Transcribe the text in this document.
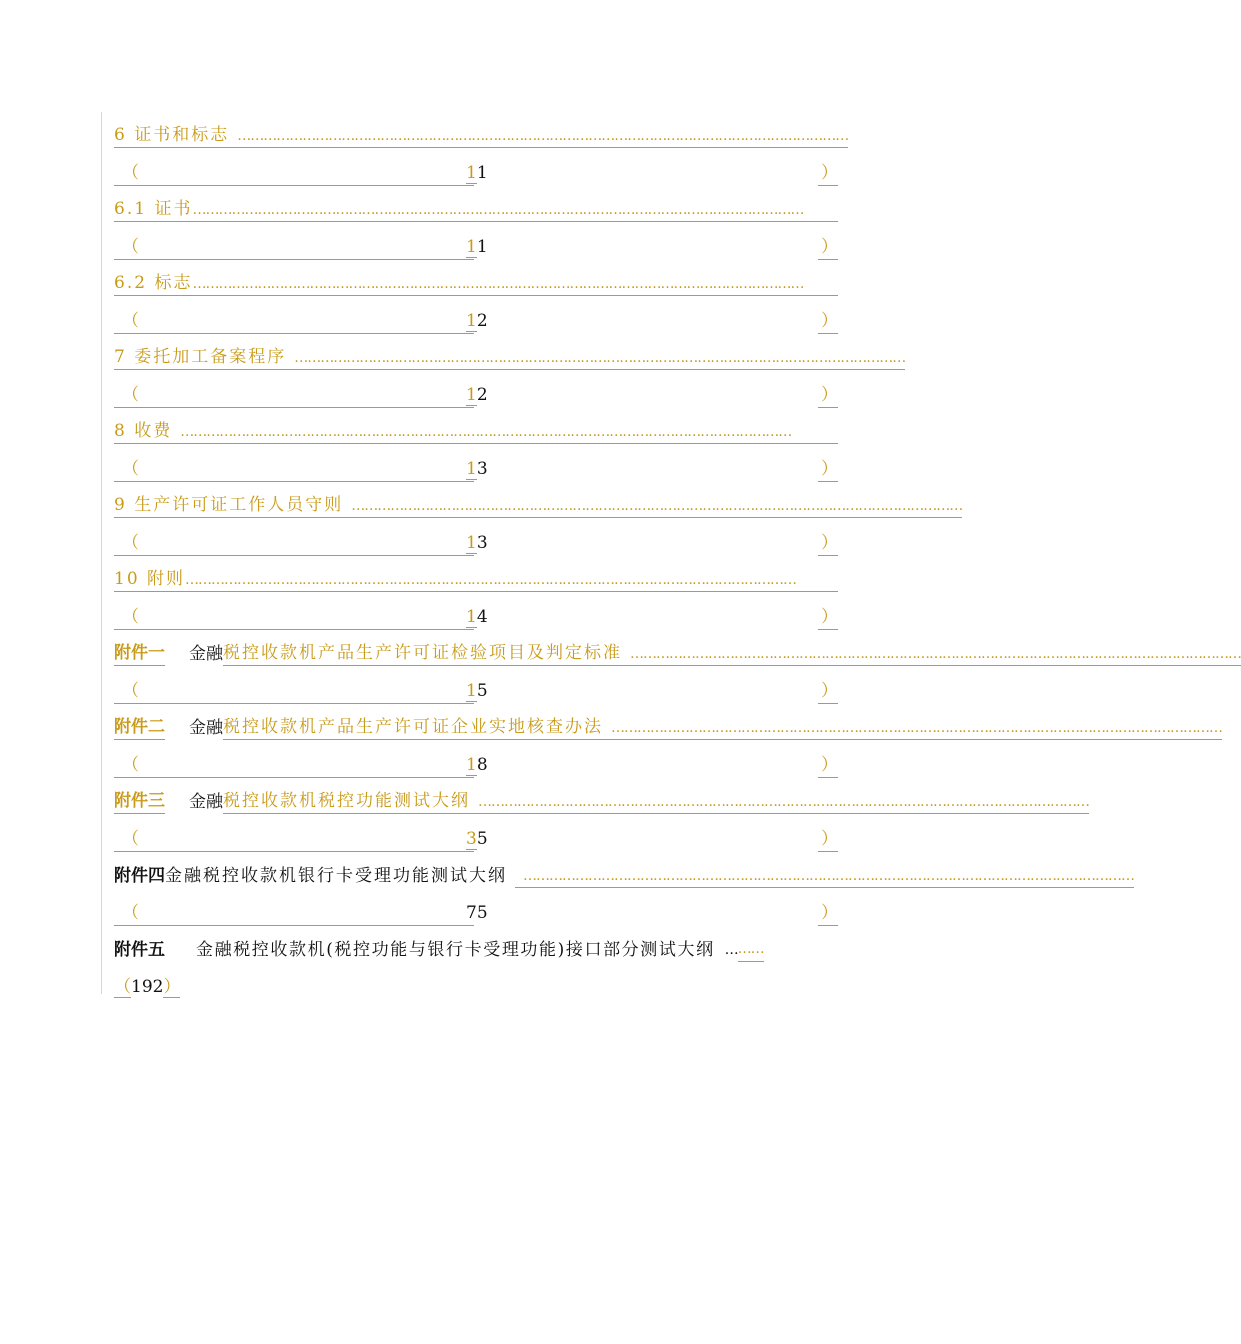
6 证书和标志 ……………………………………………………………………………………………………………………………
（	11	）
6.1 证书 ……………………………………………………………………………………………………………………………
（	11	）
6.2 标志 ……………………………………………………………………………………………………………………………
（	12	）
7 委托加工备案程序 ……………………………………………………………………………………………………………………………
（	12	）
8 收费 ……………………………………………………………………………………………………………………………
（	13	）
9 生产许可证工作人员守则 ……………………………………………………………………………………………………………………………
（	13	）
10 附则 ……………………………………………………………………………………………………………………………
（	14	）
附件一 金融 税控收款机产品生产许可证检验项目及判定标准 ……………………………………………………………………………………………………………………………
（	15	）
附件二 金融 税控收款机产品生产许可证企业实地核查办法 ……………………………………………………………………………………………………………………………
（	18	）
附件三 金融 税控收款机税控功能测试大纲 ……………………………………………………………………………………………………………………………
（	35	）
附件四 金融税控收款机银行卡受理功能测试大纲	……………………………………………………………………………………………………………………………
（	75	）
附件五	金融税控收款机(税控功能与银行卡受理功能)接口部分测试大纲 … ……
（192）
